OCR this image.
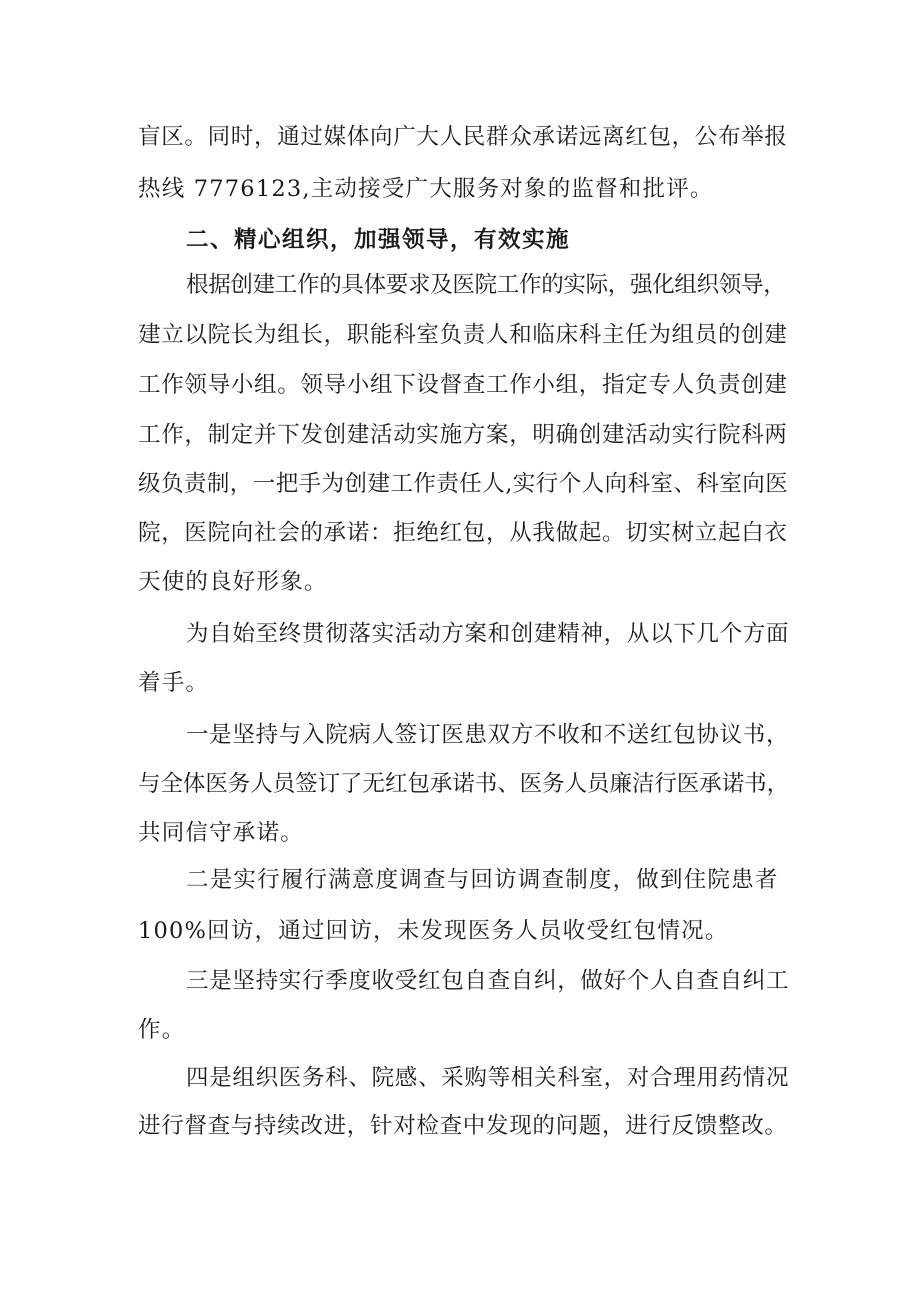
盲区。同时，通过媒体向广大人民群众承诺远离红包，公布举报

热线 7776123,主动接受广大服务对象的监督和批评。

二、精心组织，加强领导，有效实施

根据创建工作的具体要求及医院工作的实际，强化组织领导，

建立以院长为组长，职能科室负责人和临床科主任为组员的创建

工作领导小组。领导小组下设督查工作小组，指定专人负责创建

工作，制定并下发创建活动实施方案，明确创建活动实行院科两

级负责制，一把手为创建工作责任人,实行个人向科室、科室向医

院，医院向社会的承诺：拒绝红包，从我做起。切实树立起白衣

天使的良好形象。

为自始至终贯彻落实活动方案和创建精神，从以下几个方面

着手。

一是坚持与入院病人签订医患双方不收和不送红包协议书，

与全体医务人员签订了无红包承诺书、医务人员廉洁行医承诺书，

共同信守承诺。

二是实行履行满意度调查与回访调查制度，做到住院患者

100%回访，通过回访，未发现医务人员收受红包情况。

三是坚持实行季度收受红包自查自纠，做好个人自查自纠工

作。

四是组织医务科、院感、采购等相关科室，对合理用药情况

进行督查与持续改进，针对检查中发现的问题，进行反馈整改。
